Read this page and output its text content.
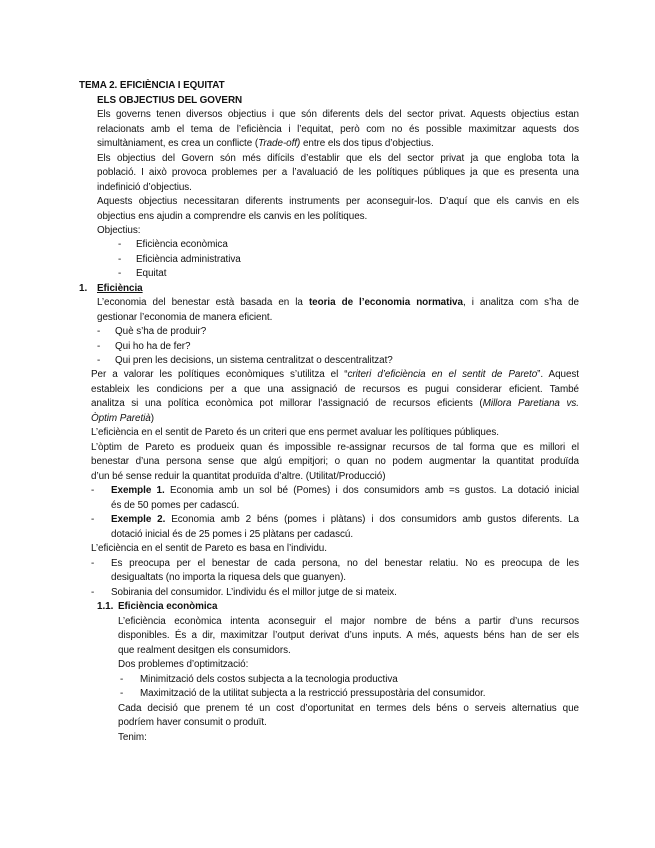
TEMA 2. EFICIÈNCIA I EQUITAT
ELS OBJECTIUS DEL GOVERN
Els governs tenen diversos objectius i que són diferents dels del sector privat. Aquests objectius estan
relacionats amb el tema de l’eficiència i l’equitat, però com no és possible maximitzar aquests dos
simultàniament, es crea un conflicte (Trade-off) entre els dos tipus d’objectius.
Els objectius del Govern són més difícils d’establir que els del sector privat ja que engloba tota la
població. I això provoca problemes per a l’avaluació de les polítiques públiques ja que es presenta una
indefinició d’objectius.
Aquests objectius necessitaran diferents instruments per aconseguir-los. D’aquí que els canvis en els
objectius ens ajudin a comprendre els canvis en les polítiques.
Objectius:
- Eficiència econòmica
- Eficiència administrativa
- Equitat
1. Eficiència
L’economia del benestar està basada en la teoria de l’economia normativa, i analitza com s’ha de
gestionar l’economia de manera eficient.
- Què s’ha de produir?
- Qui ho ha de fer?
- Qui pren les decisions, un sistema centralitzat o descentralitzat?
Per a valorar les polítiques econòmiques s’utilitza el “criteri d’eficiència en el sentit de Pareto”. Aquest
estableix les condicions per a que una assignació de recursos es pugui considerar eficient. També
analitza si una política econòmica pot millorar l’assignació de recursos eficients (Millora Paretiana vs.
Òptim Paretià)
L’eficiència en el sentit de Pareto és un criteri que ens permet avaluar les polítiques públiques.
L’òptim de Pareto es produeix quan és impossible re-assignar recursos de tal forma que es millori el
benestar d’una persona sense que algú empitjori; o quan no podem augmentar la quantitat produïda
d’un bé sense reduir la quantitat produïda d’altre. (Utilitat/Producció)
- Exemple 1. Economia amb un sol bé (Pomes) i dos consumidors amb =s gustos. La dotació inicial
és de 50 pomes per cadascú.
- Exemple 2. Economia amb 2 béns (pomes i plàtans) i dos consumidors amb gustos diferents. La
dotació inicial és de 25 pomes i 25 plàtans per cadascú.
L’eficiència en el sentit de Pareto es basa en l’individu.
- Es preocupa per el benestar de cada persona, no del benestar relatiu. No es preocupa de les
desigualtats (no importa la riquesa dels que guanyen).
- Sobirania del consumidor. L’individu és el millor jutge de si mateix.
1.1. Eficiència econòmica
L’eficiència econòmica intenta aconseguir el major nombre de béns a partir d’uns recursos
disponibles. És a dir, maximitzar l’output derivat d’uns inputs. A més, aquests béns han de ser els
que realment desitgen els consumidors.
Dos problemes d’optimització:
- Minimització dels costos subjecta a la tecnologia productiva
- Maximització de la utilitat subjecta a la restricció pressupostària del consumidor.
Cada decisió que prenem té un cost d’oportunitat en termes dels béns o serveis alternatius que
podríem haver consumit o produït.
Tenim:
